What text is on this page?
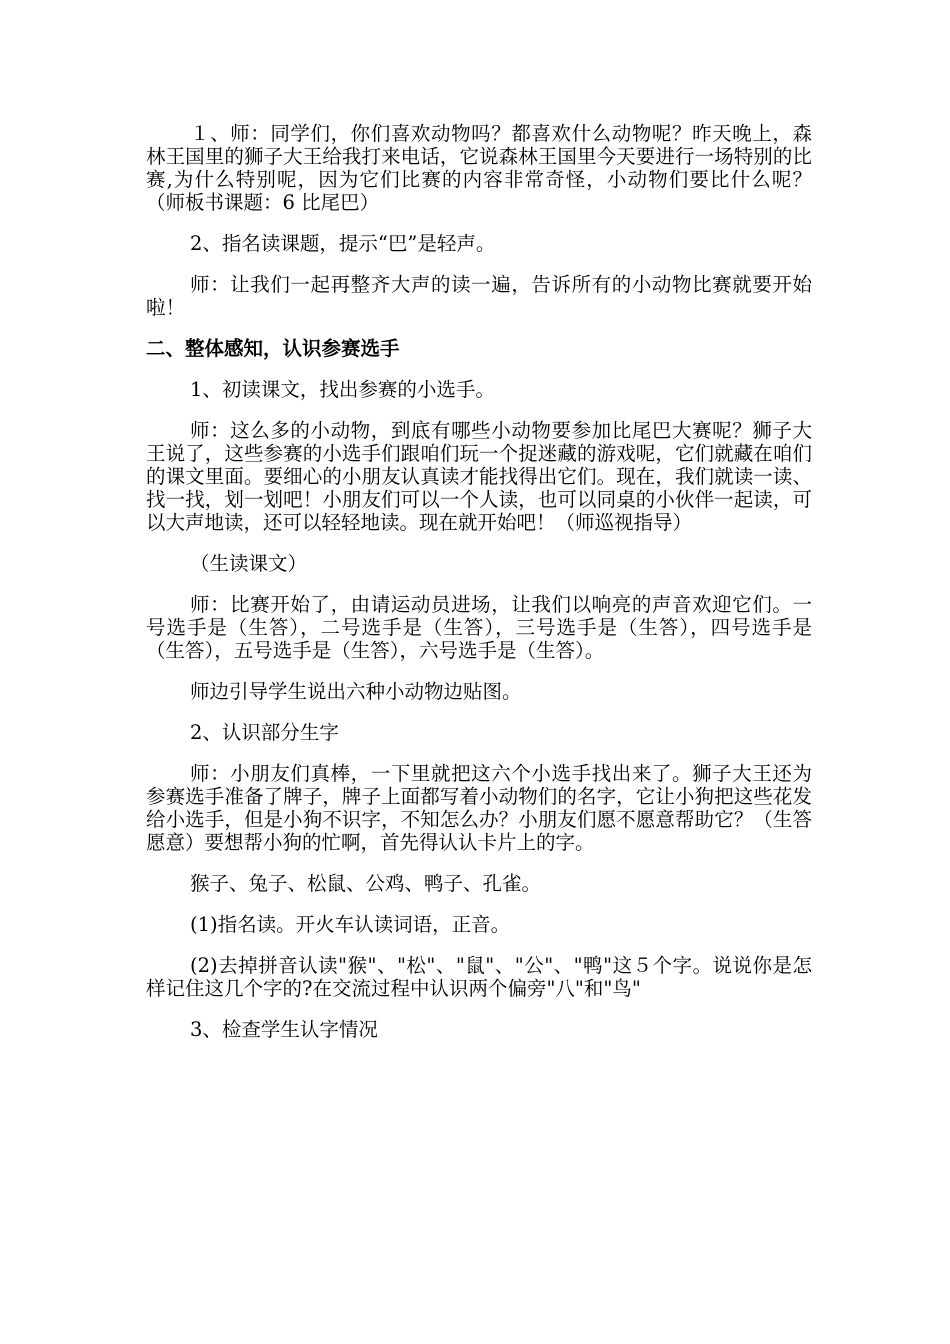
１、师：同学们，你们喜欢动物吗？都喜欢什么动物呢？昨天晚上，森林王国里的狮子大王给我打来电话，它说森林王国里今天要进行一场特别的比赛,为什么特别呢，因为它们比赛的内容非常奇怪，小动物们要比什么呢？（师板书课题：6 比尾巴）

2、指名读课题，提示“巴”是轻声。

师：让我们一起再整齐大声的读一遍，告诉所有的小动物比赛就要开始啦！

二、整体感知，认识参赛选手

1、初读课文，找出参赛的小选手。

师：这么多的小动物，到底有哪些小动物要参加比尾巴大赛呢？狮子大王说了，这些参赛的小选手们跟咱们玩一个捉迷藏的游戏呢，它们就藏在咱们的课文里面。要细心的小朋友认真读才能找得出它们。现在，我们就读一读、找一找，划一划吧！小朋友们可以一个人读，也可以同桌的小伙伴一起读，可以大声地读，还可以轻轻地读。现在就开始吧！（师巡视指导）

（生读课文）

师：比赛开始了，由请运动员进场，让我们以响亮的声音欢迎它们。一号选手是（生答），二号选手是（生答），三号选手是（生答），四号选手是（生答），五号选手是（生答），六号选手是（生答）。

师边引导学生说出六种小动物边贴图。

2、认识部分生字

师：小朋友们真棒，一下里就把这六个小选手找出来了。狮子大王还为参赛选手准备了牌子，牌子上面都写着小动物们的名字，它让小狗把这些花发给小选手，但是小狗不识字，不知怎么办？小朋友们愿不愿意帮助它？（生答愿意）要想帮小狗的忙啊，首先得认认卡片上的字。

猴子、兔子、松鼠、公鸡、鸭子、孔雀。

(1)指名读。开火车认读词语，正音。

(2)去掉拼音认读"猴"、"松"、"鼠"、"公"、"鸭"这５个字。说说你是怎样记住这几个字的?在交流过程中认识两个偏旁"八"和"鸟"

3、检查学生认字情况
